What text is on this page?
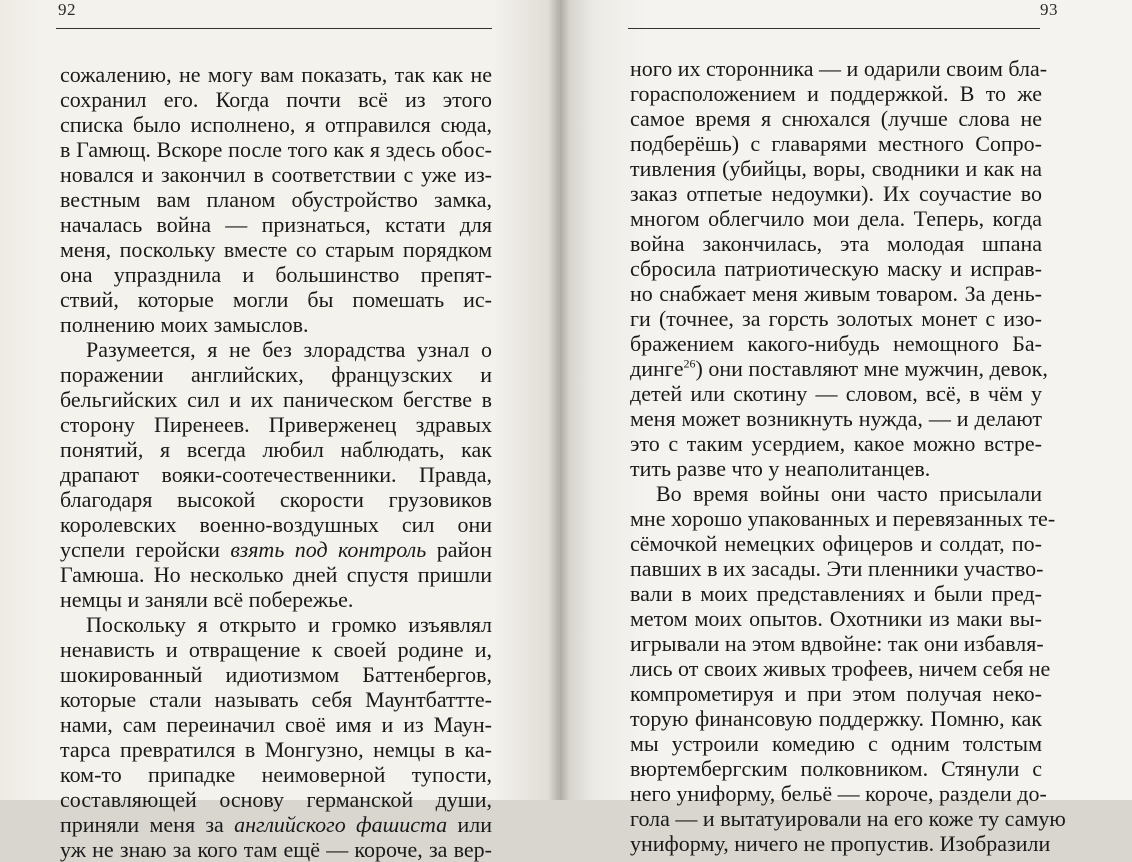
92
сожалению, не могу вам показать, так как не
сохранил его. Когда почти всё из этого
списка было исполнено, я отправился сюда,
в Гамющ. Вскоре после того как я здесь обос-
новался и закончил в соответствии с уже из-
вестным вам планом обустройство замка,
началась война — признаться, кстати для
меня, поскольку вместе со старым порядком
она упразднила и большинство препят-
ствий, которые могли бы помешать ис-
полнению моих замыслов.
Разумеется, я не без злорадства узнал о
поражении английских, французских и
бельгийских сил и их паническом бегстве в
сторону Пиренеев. Приверженец здравых
понятий, я всегда любил наблюдать, как
драпают вояки-соотечественники. Правда,
благодаря высокой скорости грузовиков
королевских военно-воздушных сил они
успели геройски взять под контроль район
Гамюша. Но несколько дней спустя пришли
немцы и заняли всё побережье.
Поскольку я открыто и громко изъявлял
ненависть и отвращение к своей родине и,
шокированный идиотизмом Баттенбергов,
которые стали называть себя Маунтбаттте-
нами, сам переиначил своё имя и из Маун-
тарса превратился в Монгузно, немцы в ка-
ком-то припадке неимоверной тупости,
составляющей основу германской души,
приняли меня за английского фашиста или
уж не знаю за кого там ещё — короче, за вер-
93
ного их сторонника — и одарили своим бла-
горасположением и поддержкой. В то же
самое время я снюхался (лучше слова не
подберёшь) с главарями местного Сопро-
тивления (убийцы, воры, сводники и как на
заказ отпетые недоумки). Их соучастие во
многом облегчило мои дела. Теперь, когда
война закончилась, эта молодая шпана
сбросила патриотическую маску и исправ-
но снабжает меня живым товаром. За день-
ги (точнее, за горсть золотых монет с изо-
бражением какого-нибудь немощного Ба-
дингe$^{26}$) они поставляют мне мужчин, девок,
детей или скотину — словом, всё, в чём у
меня может возникнуть нужда, — и делают
это с таким усердием, какое можно встре-
тить разве что у неаполитанцев.
Во время войны они часто присылали
мне хорошо упакованных и перевязанных те-
сёмочкой немецких офицеров и солдат, по-
павших в их засады. Эти пленники участво-
вали в моих представлениях и были пред-
метом моих опытов. Охотники из маки вы-
игрывали на этом вдвойне: так они избавля-
лись от своих живых трофеев, ничем себя не
компрометируя и при этом получая неко-
торую финансовую поддержку. Помню, как
мы устроили комедию с одним толстым
вюртембергским полковником. Стянули с
него униформу, бельё — короче, раздели до-
гола — и вытатуировали на его коже ту самую
униформу, ничего не пропустив. Изобразили
